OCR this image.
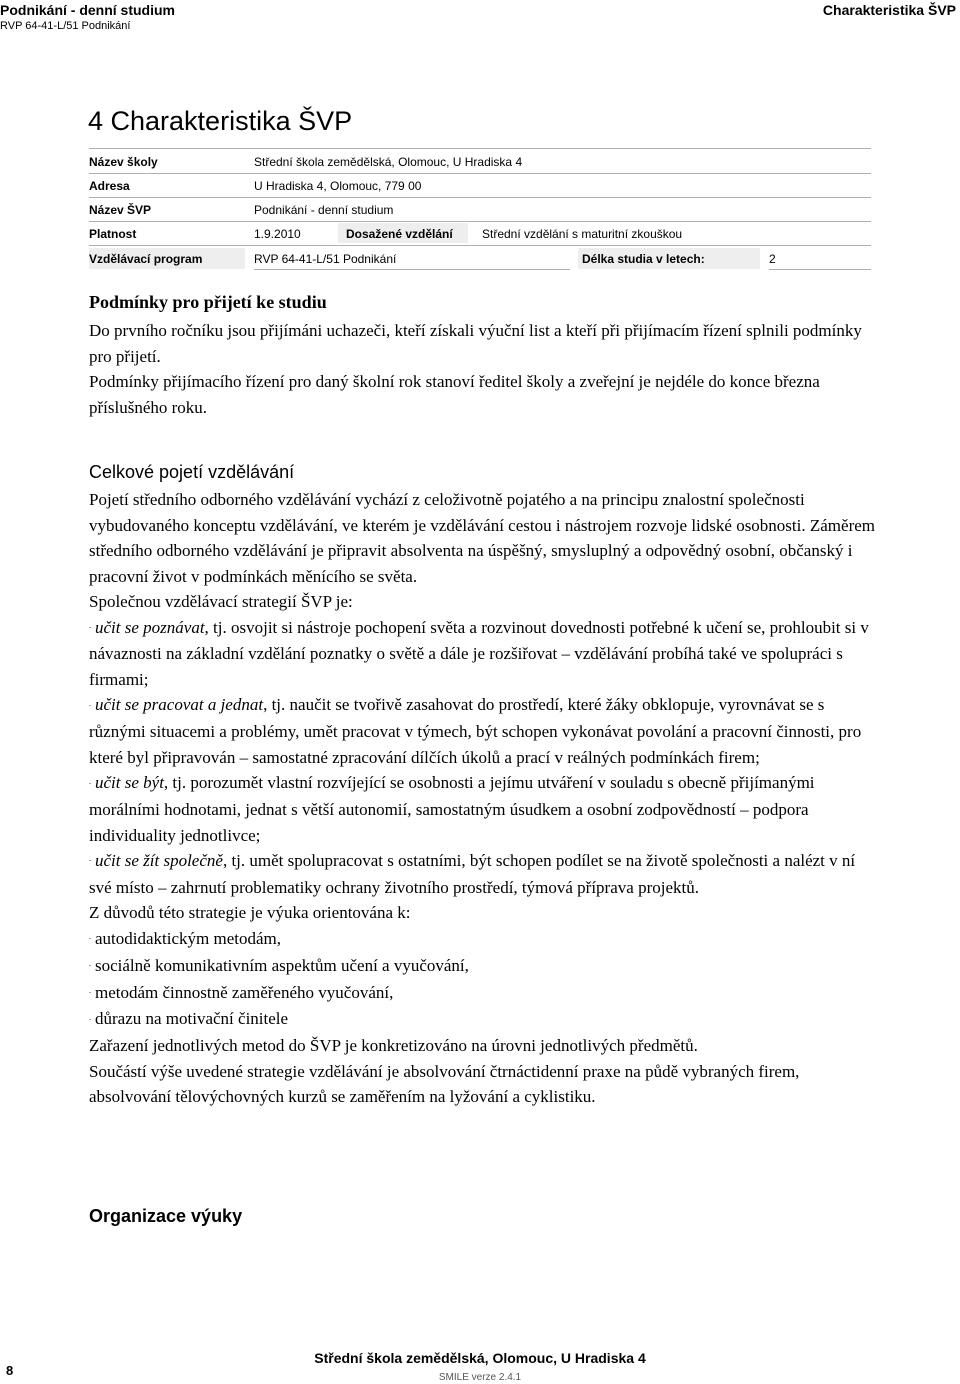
Podnikání - denní studium
RVP 64-41-L/51 Podnikání
Charakteristika ŠVP
4 Charakteristika ŠVP
Název školy	Střední škola zemědělská, Olomouc, U Hradiska 4
Adresa	U Hradiska 4, Olomouc, 779 00
Název ŠVP	Podnikání - denní studium
Platnost	1.9.2010	Dosažené vzdělání	Střední vzdělání s maturitní zkouškou
Vzdělávací program	RVP 64-41-L/51 Podnikání	Délka studia v letech:	2
Podmínky pro přijetí ke studiu

Do prvního ročníku jsou přijímáni uchazeči, kteří získali výuční list a kteří při přijímacím řízení splnili podmínky pro přijetí.

Podmínky přijímacího řízení pro daný školní rok stanoví ředitel školy a zveřejní je nejdéle do konce března příslušného roku.

Celkové pojetí vzdělávání

Pojetí středního odborného vzdělávání vychází z celoživotně pojatého a na principu znalostní společnosti vybudovaného konceptu vzdělávání, ve kterém je vzdělávání cestou i nástrojem rozvoje lidské osobnosti. Záměrem středního odborného vzdělávání je připravit absolventa na úspěšný, smysluplný a odpovědný osobní, občanský i pracovní život v podmínkách měnícího se světa.

Společnou vzdělávací strategií ŠVP je:

- učit se poznávat, tj. osvojit si nástroje pochopení světa a rozvinout dovednosti potřebné k učení se, prohloubit si v návaznosti na základní vzdělání poznatky o světě a dále je rozšiřovat – vzdělávání probíhá také ve spolupráci s firmami;

- učit se pracovat a jednat, tj. naučit se tvořivě zasahovat do prostředí, které žáky obklopuje, vyrovnávat se s různými situacemi a problémy, umět pracovat v týmech, být schopen vykonávat povolání a pracovní činnosti, pro které byl připravován – samostatné zpracování dílčích úkolů a prací v reálných podmínkách firem;

- učit se být, tj. porozumět vlastní rozvíjející se osobnosti a jejímu utváření v souladu s obecně přijímanými morálními hodnotami, jednat s větší autonomií, samostatným úsudkem a osobní zodpovědností – podpora individuality jednotlivce;

- učit se žít společně, tj. umět spolupracovat s ostatními, být schopen podílet se na životě společnosti a nalézt v ní své místo – zahrnutí problematiky ochrany životního prostředí, týmová příprava projektů.

Z důvodů této strategie je výuka orientována k:

- autodidaktickým metodám,

- sociálně komunikativním aspektům učení a vyučování,

- metodám činnostně zaměřeného vyučování,

- důrazu na motivační činitele

Zařazení jednotlivých metod do ŠVP je konkretizováno na úrovni jednotlivých předmětů.

Součástí výše uvedené strategie vzdělávání je absolvování čtrnáctidenní praxe na půdě vybraných firem, absolvování tělovýchovných kurzů se zaměřením na lyžování a cyklistiku.

Organizace výuky
8
Střední škola zemědělská, Olomouc, U Hradiska 4
SMILE verze 2.4.1
